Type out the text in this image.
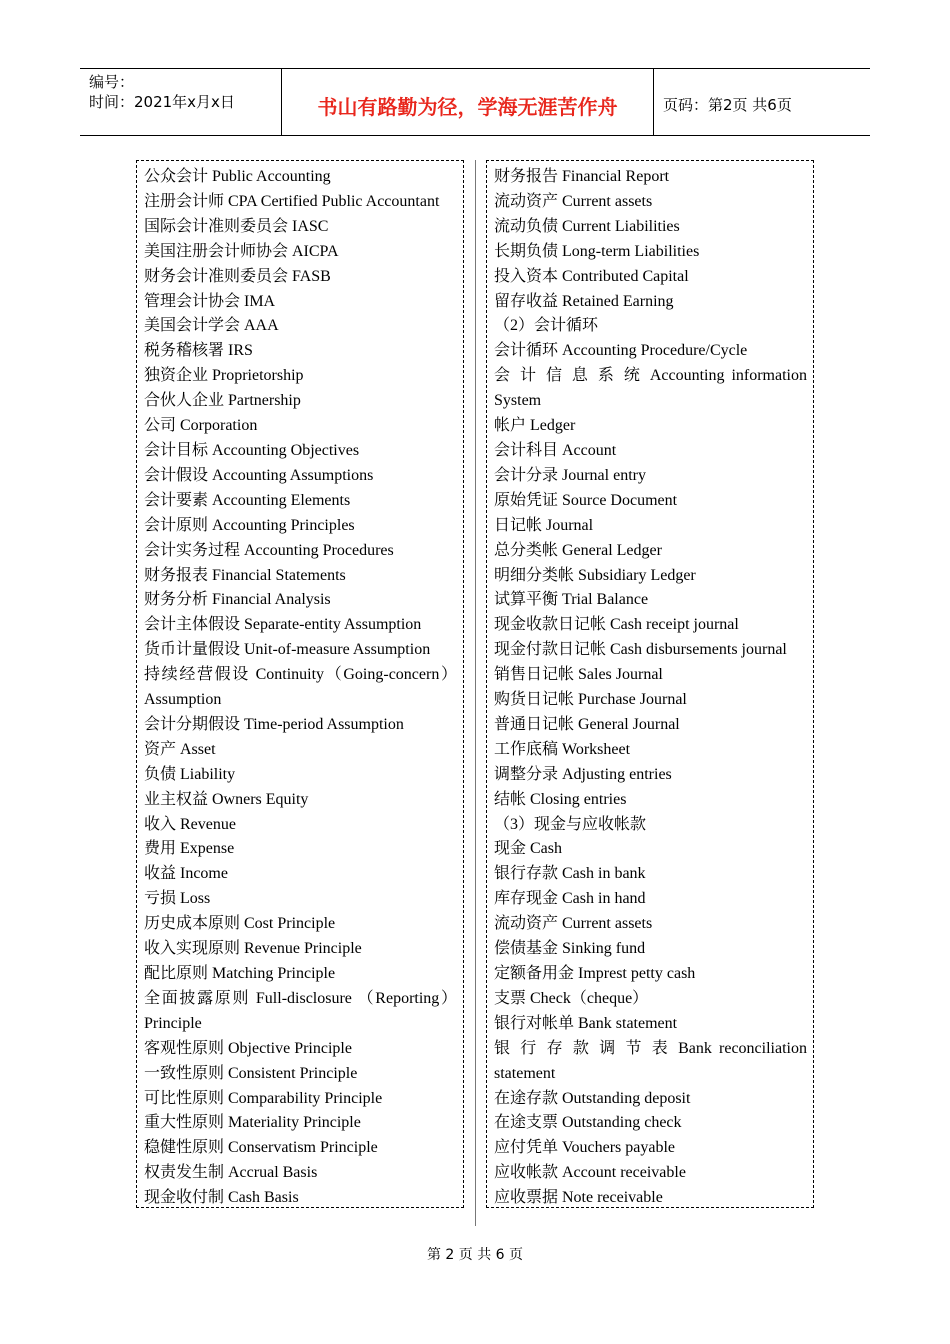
编号：
时间：2021年x月x日	书山有路勤为径，学海无涯苦作舟	页码：第2页 共6页
公众会计 Public Accounting
注册会计师 CPA Certified Public Accountant
国际会计准则委员会 IASC
美国注册会计师协会 AICPA
财务会计准则委员会 FASB
管理会计协会 IMA
美国会计学会 AAA
税务稽核署 IRS
独资企业 Proprietorship
合伙人企业 Partnership
公司 Corporation
会计目标 Accounting Objectives
会计假设 Accounting Assumptions
会计要素 Accounting Elements
会计原则 Accounting Principles
会计实务过程 Accounting Procedures
财务报表 Financial Statements
财务分析 Financial Analysis
会计主体假设 Separate-entity Assumption
货币计量假设 Unit-of-measure Assumption
持续经营假设 Continuity（Going-concern） Assumption
会计分期假设 Time-period Assumption
资产 Asset
负债 Liability
业主权益 Owners Equity
收入 Revenue
费用 Expense
收益 Income
亏损 Loss
历史成本原则 Cost Principle
收入实现原则 Revenue Principle
配比原则 Matching Principle
全面披露原则 Full-disclosure （Reporting） Principle
客观性原则 Objective Principle
一致性原则 Consistent Principle
可比性原则 Comparability Principle
重大性原则 Materiality Principle
稳健性原则 Conservatism Principle
权责发生制 Accrual Basis
现金收付制 Cash Basis
财务报告 Financial Report
流动资产 Current assets
流动负债 Current Liabilities
长期负债 Long-term Liabilities
投入资本 Contributed Capital
留存收益 Retained Earning
（2）会计循环
会计循环 Accounting Procedure/Cycle
会 计 信 息 系 统 Accounting information System
帐户 Ledger
会计科目 Account
会计分录 Journal entry
原始凭证 Source Document
日记帐 Journal
总分类帐 General Ledger
明细分类帐 Subsidiary Ledger
试算平衡 Trial Balance
现金收款日记帐 Cash receipt journal
现金付款日记帐 Cash disbursements journal
销售日记帐 Sales Journal
购货日记帐 Purchase Journal
普通日记帐 General Journal
工作底稿 Worksheet
调整分录 Adjusting entries
结帐 Closing entries
（3）现金与应收帐款
现金 Cash
银行存款 Cash in bank
库存现金 Cash in hand
流动资产 Current assets
偿债基金 Sinking fund
定额备用金 Imprest petty cash
支票 Check（cheque）
银行对帐单 Bank statement
银 行 存 款 调 节 表 Bank reconciliation statement
在途存款 Outstanding deposit
在途支票 Outstanding check
应付凭单 Vouchers payable
应收帐款 Account receivable
应收票据 Note receivable
第 2 页 共 6 页
